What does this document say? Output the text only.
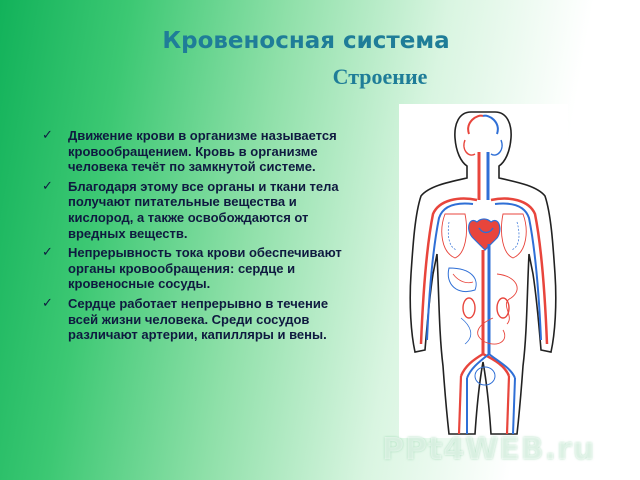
Кровеносная система
Строение
✓ Движение крови в организме называется кровообращением. Кровь в организме человека течёт по замкнутой системе.
✓ Благодаря этому все органы и ткани тела получают питательные вещества и кислород, а также освобождаются от вредных веществ.
✓ Непрерывность тока крови обеспечивают органы кровообращения: сердце и кровеносные сосуды.
✓ Сердце работает непрерывно в течение всей жизни человека. Среди сосудов различают артерии, капилляры и вены.
PPt4WEB.ru
